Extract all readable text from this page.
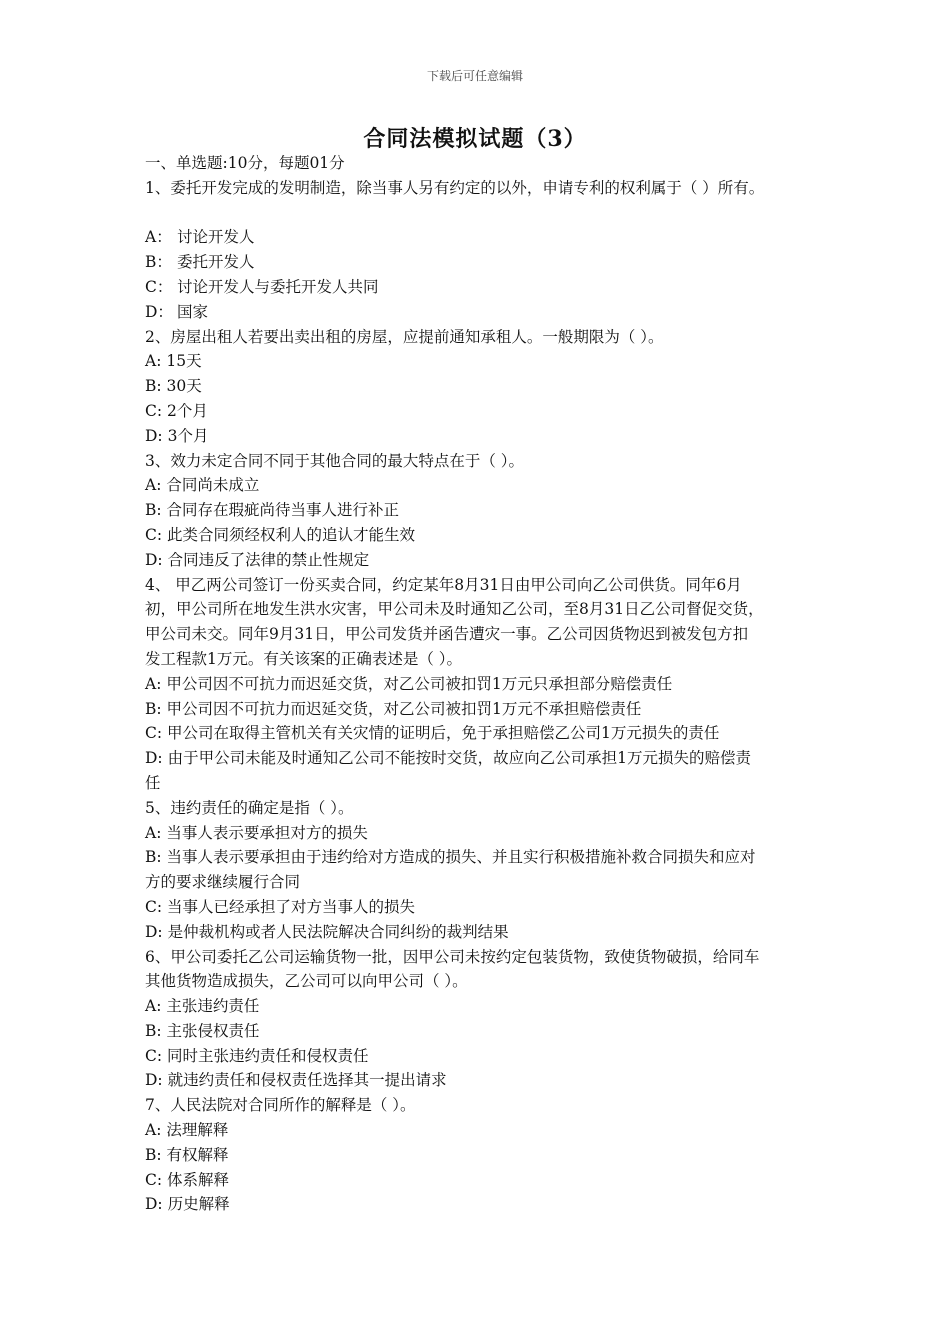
下载后可任意编辑
合同法模拟试题（3）
一、单选题:10分，每题01分
1、委托开发完成的发明制造，除当事人另有约定的以外，申请专利的权利属于（ ）所有。
A： 讨论开发人
B： 委托开发人
C： 讨论开发人与委托开发人共同
D： 国家
2、房屋出租人若要出卖出租的房屋，应提前通知承租人。一般期限为（ ）。
A: 15天
B: 30天
C: 2个月
D: 3个月
3、效力未定合同不同于其他合同的最大特点在于（ ）。
A: 合同尚未成立
B: 合同存在瑕疵尚待当事人进行补正
C: 此类合同须经权利人的追认才能生效
D: 合同违反了法律的禁止性规定
4、 甲乙两公司签订一份买卖合同，约定某年8月31日由甲公司向乙公司供货。同年6月
初，甲公司所在地发生洪水灾害，甲公司未及时通知乙公司，至8月31日乙公司督促交货，
甲公司未交。同年9月31日，甲公司发货并函告遭灾一事。乙公司因货物迟到被发包方扣
发工程款1万元。有关该案的正确表述是（ ）。
A: 甲公司因不可抗力而迟延交货，对乙公司被扣罚1万元只承担部分赔偿责任
B: 甲公司因不可抗力而迟延交货，对乙公司被扣罚1万元不承担赔偿责任
C: 甲公司在取得主管机关有关灾情的证明后，免于承担赔偿乙公司1万元损失的责任
D: 由于甲公司未能及时通知乙公司不能按时交货，故应向乙公司承担1万元损失的赔偿责
任
5、违约责任的确定是指（ ）。
A: 当事人表示要承担对方的损失
B: 当事人表示要承担由于违约给对方造成的损失、并且实行积极措施补救合同损失和应对
方的要求继续履行合同
C: 当事人已经承担了对方当事人的损失
D: 是仲裁机构或者人民法院解决合同纠纷的裁判结果
6、甲公司委托乙公司运输货物一批，因甲公司未按约定包装货物，致使货物破损，给同车
其他货物造成损失，乙公司可以向甲公司（ ）。
A: 主张违约责任
B: 主张侵权责任
C: 同时主张违约责任和侵权责任
D: 就违约责任和侵权责任选择其一提出请求
7、人民法院对合同所作的解释是（ ）。
A: 法理解释
B: 有权解释
C: 体系解释
D: 历史解释
